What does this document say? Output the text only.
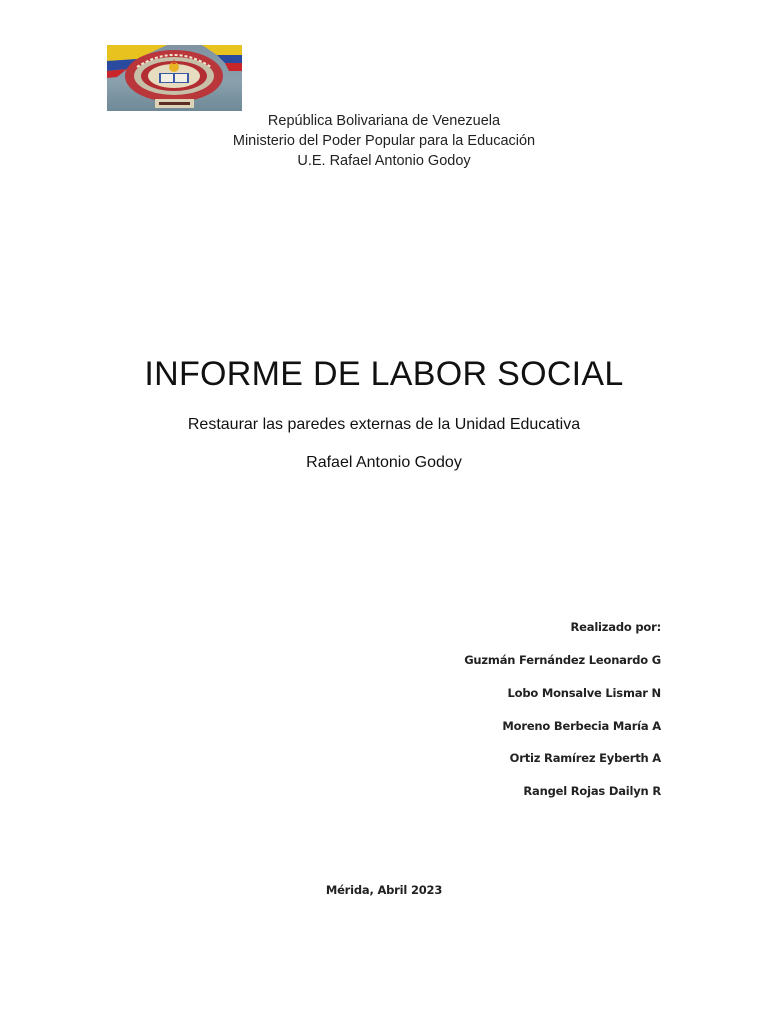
República Bolivariana de Venezuela
Ministerio del Poder Popular para la Educación
U.E. Rafael Antonio Godoy
INFORME DE LABOR SOCIAL
Restaurar las paredes externas de la Unidad Educativa
Rafael Antonio Godoy
Realizado por:
Guzmán Fernández Leonardo G
Lobo Monsalve Lismar N
Moreno Berbecia María A
Ortiz Ramírez Eyberth A
Rangel Rojas Dailyn R
Mérida, Abril 2023
